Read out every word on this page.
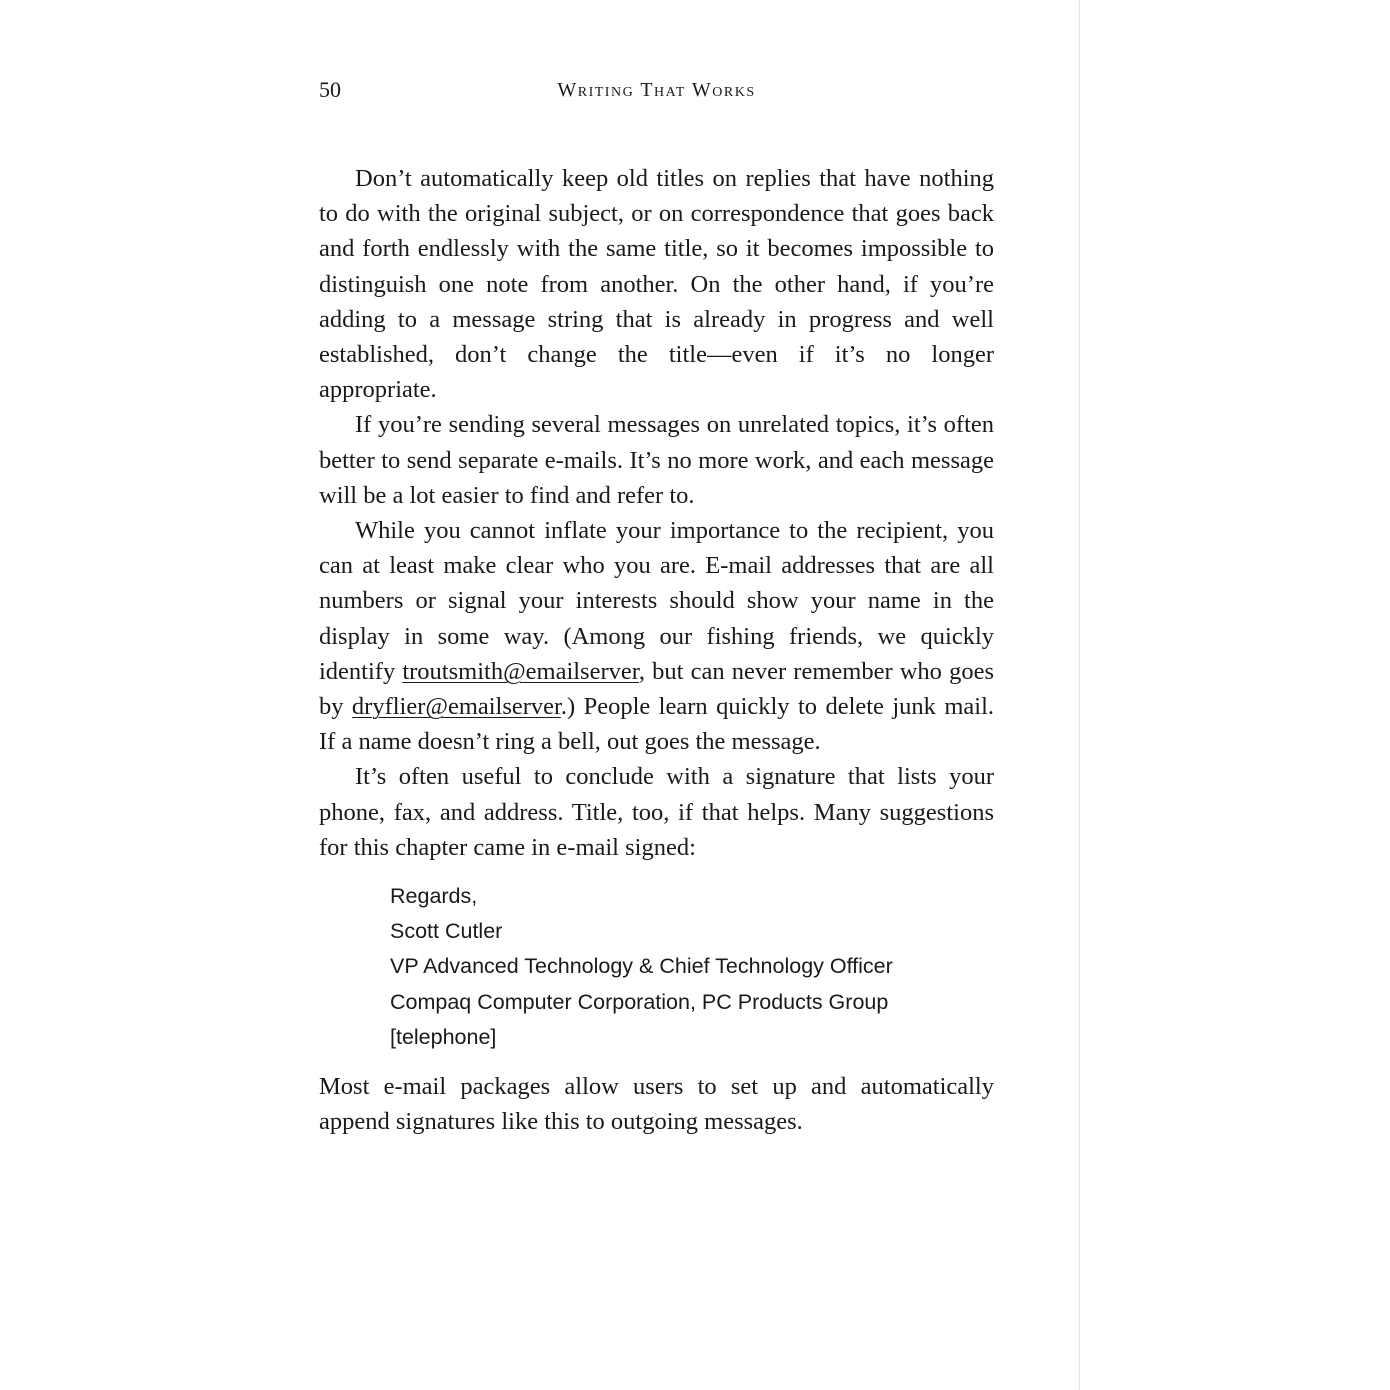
50	Writing That Works

Don’t automatically keep old titles on replies that have nothing to do with the original subject, or on correspondence that goes back and forth endlessly with the same title, so it becomes impossible to distinguish one note from another. On the other hand, if you’re adding to a message string that is already in progress and well established, don’t change the title—even if it’s no longer appropriate.

If you’re sending several messages on unrelated topics, it’s often better to send separate e-mails. It’s no more work, and each message will be a lot easier to find and refer to.

While you cannot inflate your importance to the recipient, you can at least make clear who you are. E-mail addresses that are all numbers or signal your interests should show your name in the display in some way. (Among our fishing friends, we quickly identify troutsmith@emailserver, but can never remember who goes by dryflier@emailserver.) People learn quickly to delete junk mail. If a name doesn’t ring a bell, out goes the message.

It’s often useful to conclude with a signature that lists your phone, fax, and address. Title, too, if that helps. Many suggestions for this chapter came in e-mail signed:

Regards,
Scott Cutler
VP Advanced Technology & Chief Technology Officer
Compaq Computer Corporation, PC Products Group
[telephone]

Most e-mail packages allow users to set up and automatically append signatures like this to outgoing messages.
